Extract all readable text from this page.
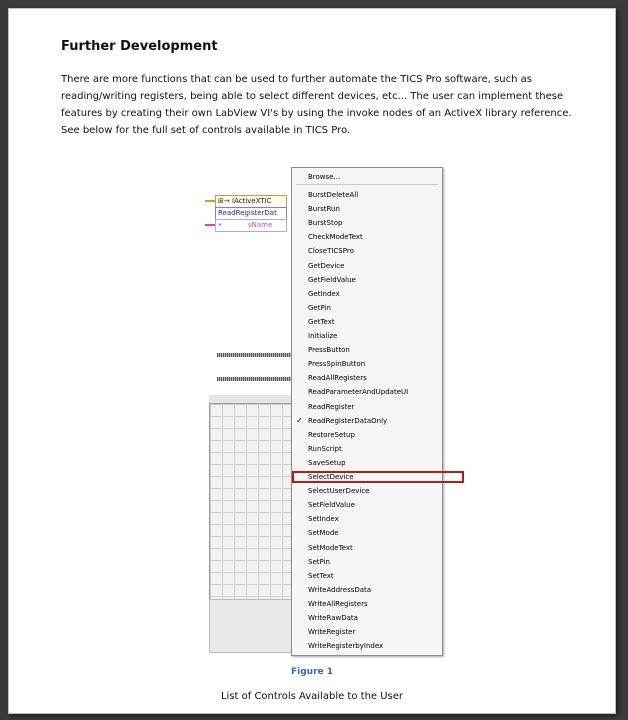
Further Development
There are more functions that can be used to further automate the TICS Pro software, such as reading/writing registers, being able to select different devices, etc... The user can implement these features by creating their own LabView VI's by using the invoke nodes of an ActiveX library reference. See below for the full set of controls available in TICS Pro.
⊞→ IActiveXTIC
ReadRegisterDat
•	sName
Browse...
BurstDeleteAll
BurstRun
BurstStop
CheckModeText
CloseTICSPro
GetDevice
GetFieldValue
GetIndex
GetPin
GetText
Initialize
PressButton
PressSpinButton
ReadAllRegisters
ReadParameterAndUpdateUI
ReadRegister
✓ ReadRegisterDataOnly
RestoreSetup
RunScript
SaveSetup
SelectDevice
SelectUserDevice
SetFieldValue
SetIndex
SetMode
SetModeText
SetPin
SetText
WriteAddressData
WriteAllRegisters
WriteRawData
WriteRegister
WriteRegisterbyIndex
Figure 1
List of Controls Available to the User
